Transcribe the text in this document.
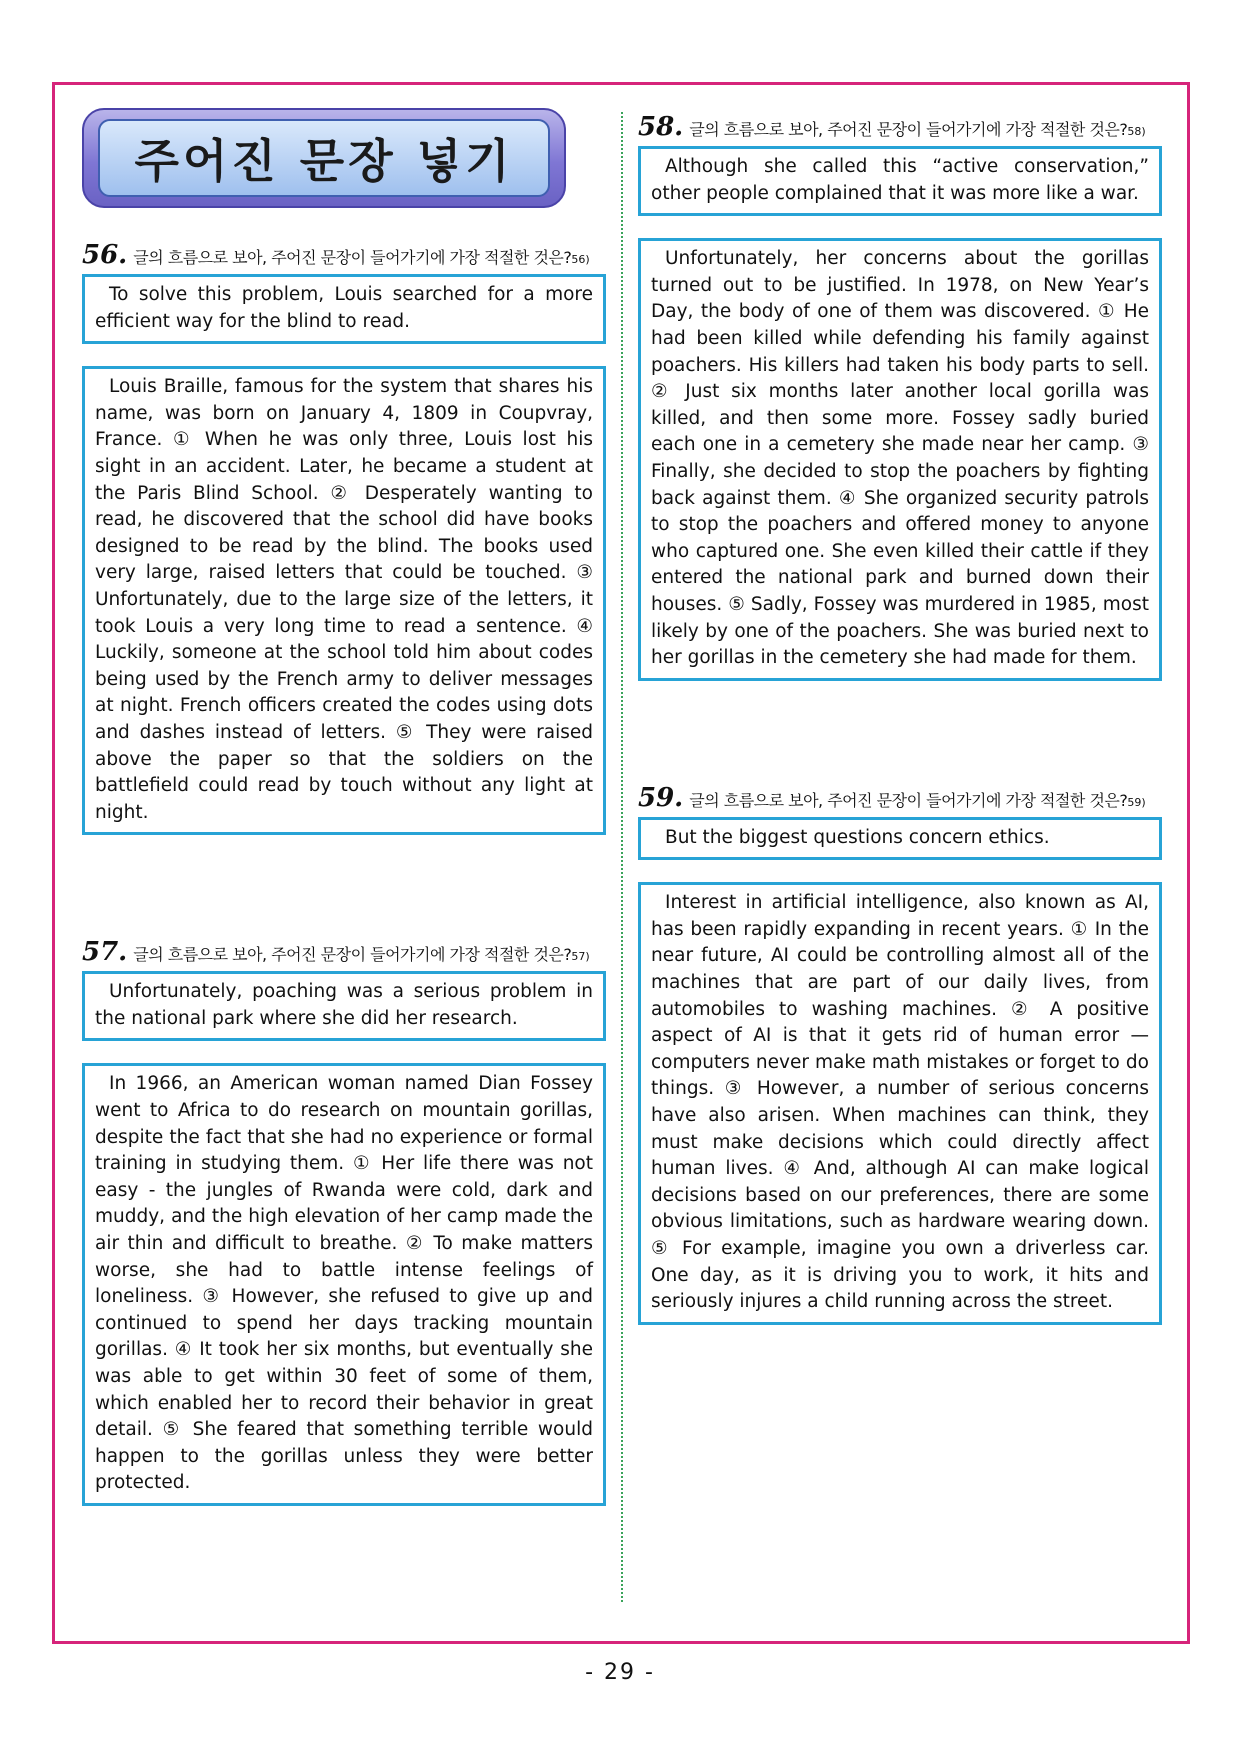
주어진 문장 넣기
56. 글의 흐름으로 보아, 주어진 문장이 들어가기에 가장 적절한 것은? 56)
To solve this problem, Louis searched for a more efficient way for the blind to read.
Louis Braille, famous for the system that shares his name, was born on January 4, 1809 in Coupvray, France. ① When he was only three, Louis lost his sight in an accident. Later, he became a student at the Paris Blind School. ② Desperately wanting to read, he discovered that the school did have books designed to be read by the blind. The books used very large, raised letters that could be touched. ③ Unfortunately, due to the large size of the letters, it took Louis a very long time to read a sentence. ④ Luckily, someone at the school told him about codes being used by the French army to deliver messages at night. French officers created the codes using dots and dashes instead of letters. ⑤ They were raised above the paper so that the soldiers on the battlefield could read by touch without any light at night.
57. 글의 흐름으로 보아, 주어진 문장이 들어가기에 가장 적절한 것은? 57)
Unfortunately, poaching was a serious problem in the national park where she did her research.
In 1966, an American woman named Dian Fossey went to Africa to do research on mountain gorillas, despite the fact that she had no experience or formal training in studying them. ① Her life there was not easy - the jungles of Rwanda were cold, dark and muddy, and the high elevation of her camp made the air thin and difficult to breathe. ② To make matters worse, she had to battle intense feelings of loneliness. ③ However, she refused to give up and continued to spend her days tracking mountain gorillas. ④ It took her six months, but eventually she was able to get within 30 feet of some of them, which enabled her to record their behavior in great detail. ⑤ She feared that something terrible would happen to the gorillas unless they were better protected.
58. 글의 흐름으로 보아, 주어진 문장이 들어가기에 가장 적절한 것은? 58)
Although she called this “active conservation,” other people complained that it was more like a war.
Unfortunately, her concerns about the gorillas turned out to be justified. In 1978, on New Year’s Day, the body of one of them was discovered. ① He had been killed while defending his family against poachers. His killers had taken his body parts to sell. ② Just six months later another local gorilla was killed, and then some more. Fossey sadly buried each one in a cemetery she made near her camp. ③ Finally, she decided to stop the poachers by fighting back against them. ④ She organized security patrols to stop the poachers and offered money to anyone who captured one. She even killed their cattle if they entered the national park and burned down their houses. ⑤ Sadly, Fossey was murdered in 1985, most likely by one of the poachers. She was buried next to her gorillas in the cemetery she had made for them.
59. 글의 흐름으로 보아, 주어진 문장이 들어가기에 가장 적절한 것은? 59)
But the biggest questions concern ethics.
Interest in artificial intelligence, also known as AI, has been rapidly expanding in recent years. ① In the near future, AI could be controlling almost all of the machines that are part of our daily lives, from automobiles to washing machines. ② A positive aspect of AI is that it gets rid of human error — computers never make math mistakes or forget to do things. ③ However, a number of serious concerns have also arisen. When machines can think, they must make decisions which could directly affect human lives. ④ And, although AI can make logical decisions based on our preferences, there are some obvious limitations, such as hardware wearing down. ⑤ For example, imagine you own a driverless car. One day, as it is driving you to work, it hits and seriously injures a child running across the street.
- 29 -
